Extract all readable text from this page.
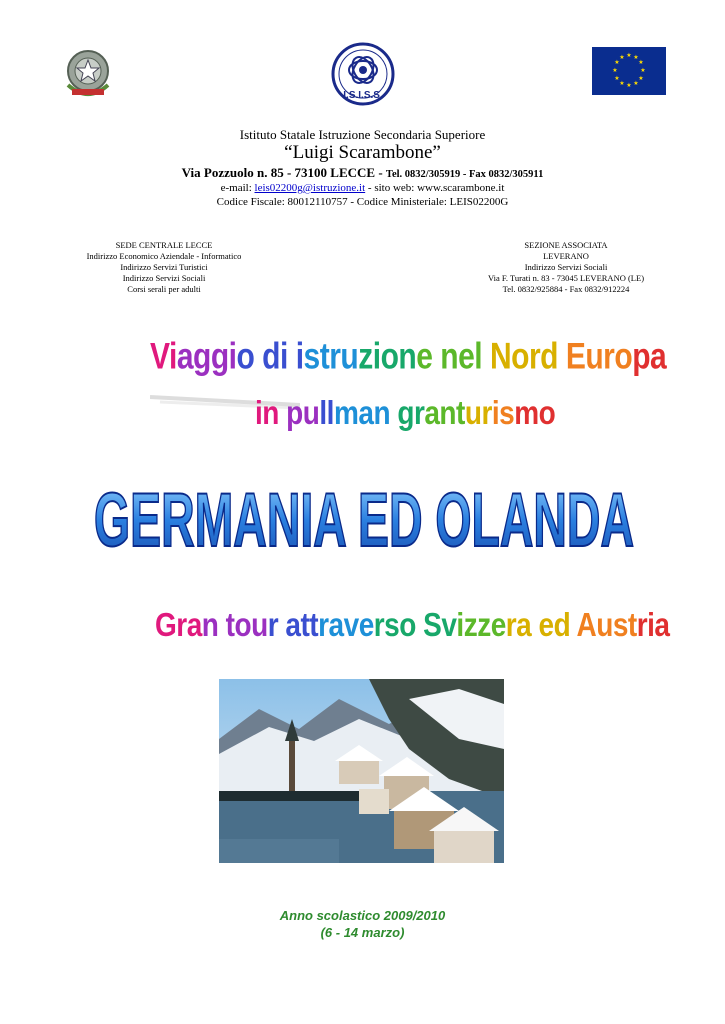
I.S.I.S.S.
★ ★
★
★
★
★
★
★
★
★
★
★
Istituto Statale Istruzione Secondaria Superiore
“Luigi Scarambone”
Via Pozzuolo n. 85 - 73100 LECCE - Tel. 0832/305919 - Fax 0832/305911
e-mail: leis02200g@istruzione.it - sito web: www.scarambone.it
Codice Fiscale: 80012110757 - Codice Ministeriale: LEIS02200G
SEDE CENTRALE LECCE
Indirizzo Economico Aziendale - Informatico
Indirizzo Servizi Turistici
Indirizzo Servizi Sociali
Corsi serali per adulti
SEZIONE ASSOCIATA
LEVERANO
Indirizzo Servizi Sociali
Via F. Turati n. 83 - 73045 LEVERANO (LE)
Tel. 0832/925884 - Fax 0832/912224
Viaggio di istruzione nel Nord Europa
in pullman granturismo
GERMANIA ED OLANDA
Gran tour attraverso Svizzera ed Austria
Anno scolastico 2009/2010
(6 - 14 marzo)
